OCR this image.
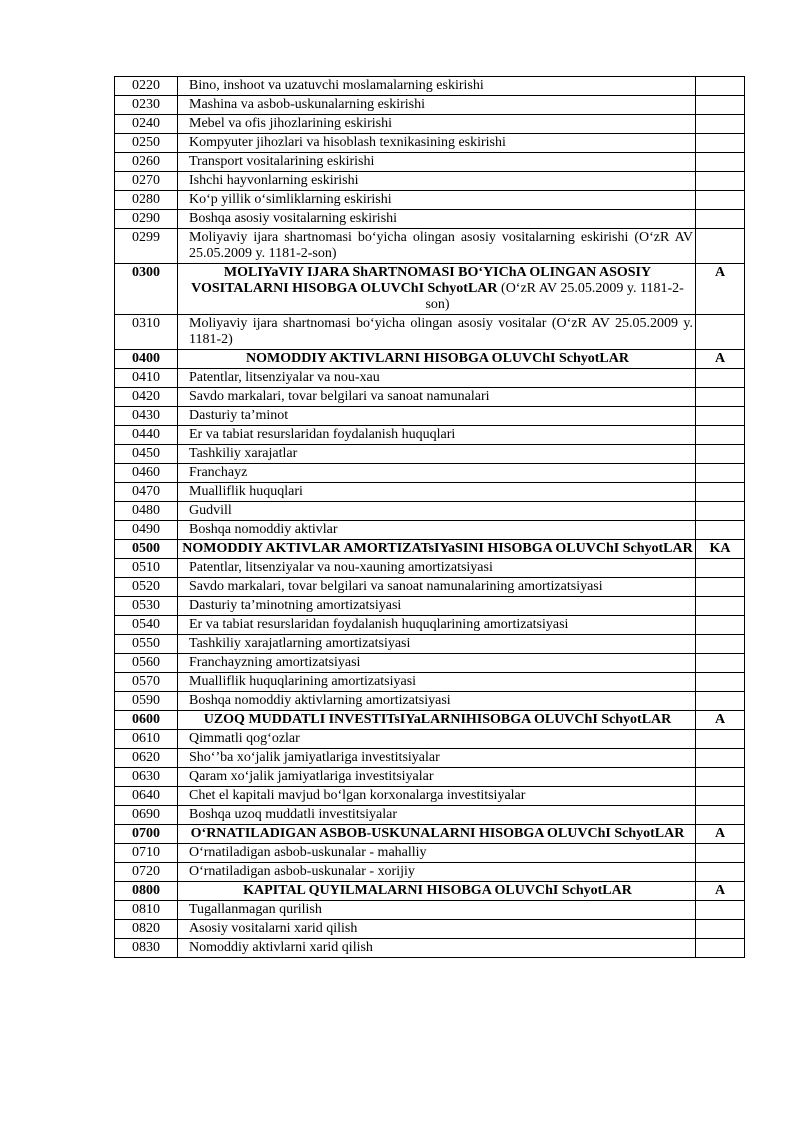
0220	Bino, inshoot va uzatuvchi moslamalarning eskirishi	
0230	Mashina va asbob-uskunalarning eskirishi	
0240	Mebel va ofis jihozlarining eskirishi	
0250	Kompyuter jihozlari va hisoblash texnikasining eskirishi	
0260	Transport vositalarining eskirishi	
0270	Ishchi hayvonlarning eskirishi	
0280	Ko‘p yillik o‘simliklarning eskirishi	
0290	Boshqa asosiy vositalarning eskirishi	
0299	Moliyaviy ijara shartnomasi bo‘yicha olingan asosiy vositalarning eskirishi (O‘zR AV 25.05.2009 y. 1181-2-son)	
0300	MOLIYaVIY IJARA ShARTNOMASI BO‘YIChA OLINGAN ASOSIY VOSITALARNI HISOBGA OLUVChI SchyotLAR (O‘zR AV 25.05.2009 y. 1181-2-son)	A
0310	Moliyaviy ijara shartnomasi bo‘yicha olingan asosiy vositalar (O‘zR AV 25.05.2009 y. 1181-2)	
0400	NOMODDIY AKTIVLARNI HISOBGA OLUVChI SchyotLAR	A
0410	Patentlar, litsenziyalar va nou-xau	
0420	Savdo markalari, tovar belgilari va sanoat namunalari	
0430	Dasturiy ta’minot	
0440	Er va tabiat resurslaridan foydalanish huquqlari	
0450	Tashkiliy xarajatlar	
0460	Franchayz	
0470	Mualliflik huquqlari	
0480	Gudvill	
0490	Boshqa nomoddiy aktivlar	
0500	NOMODDIY AKTIVLAR AMORTIZATsIYaSINI HISOBGA OLUVChI SchyotLAR	KA
0510	Patentlar, litsenziyalar va nou-xauning amortizatsiyasi	
0520	Savdo markalari, tovar belgilari va sanoat namunalarining amortizatsiyasi	
0530	Dasturiy ta’minotning amortizatsiyasi	
0540	Er va tabiat resurslaridan foydalanish huquqlarining amortizatsiyasi	
0550	Tashkiliy xarajatlarning amortizatsiyasi	
0560	Franchayzning amortizatsiyasi	
0570	Mualliflik huquqlarining amortizatsiyasi	
0590	Boshqa nomoddiy aktivlarning amortizatsiyasi	
0600	UZOQ MUDDATLI INVESTITsIYaLARNIHISOBGA OLUVChI SchyotLAR	A
0610	Qimmatli qog‘ozlar	
0620	Sho‘’ba xo‘jalik jamiyatlariga investitsiyalar	
0630	Qaram xo‘jalik jamiyatlariga investitsiyalar	
0640	Chet el kapitali mavjud bo‘lgan korxonalarga investitsiyalar	
0690	Boshqa uzoq muddatli investitsiyalar	
0700	O‘RNATILADIGAN ASBOB-USKUNALARNI HISOBGA OLUVChI SchyotLAR	A
0710	O‘rnatiladigan asbob-uskunalar - mahalliy	
0720	O‘rnatiladigan asbob-uskunalar - xorijiy	
0800	KAPITAL QUYILMALARNI HISOBGA OLUVChI SchyotLAR	A
0810	Tugallanmagan qurilish	
0820	Asosiy vositalarni xarid qilish	
0830	Nomoddiy aktivlarni xarid qilish	
